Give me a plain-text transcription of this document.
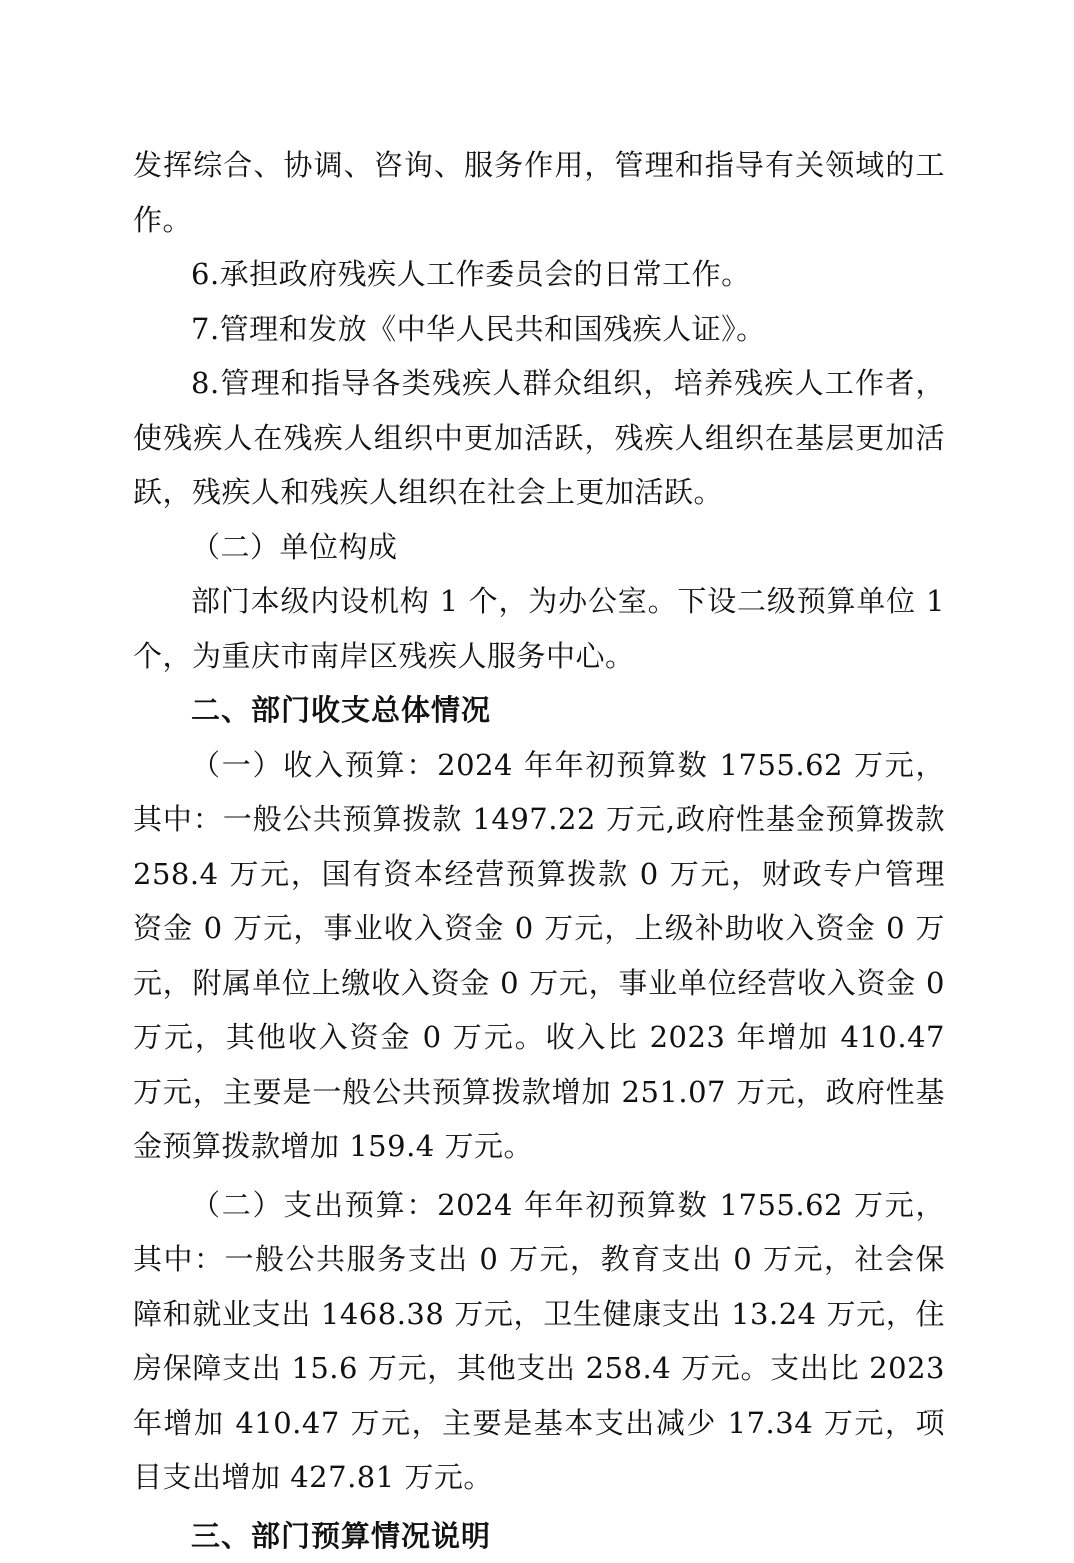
发挥综合、协调、咨询、服务作用，管理和指导有关领域的工作。

6.承担政府残疾人工作委员会的日常工作。

7.管理和发放《中华人民共和国残疾人证》。

8.管理和指导各类残疾人群众组织，培养残疾人工作者，使残疾人在残疾人组织中更加活跃，残疾人组织在基层更加活跃，残疾人和残疾人组织在社会上更加活跃。

（二）单位构成

部门本级内设机构 1 个，为办公室。下设二级预算单位 1 个，为重庆市南岸区残疾人服务中心。

二、部门收支总体情况

（一）收入预算：2024 年年初预算数 1755.62 万元，其中：一般公共预算拨款 1497.22 万元,政府性基金预算拨款 258.4 万元，国有资本经营预算拨款 0 万元，财政专户管理资金 0 万元，事业收入资金 0 万元，上级补助收入资金 0 万元，附属单位上缴收入资金 0 万元，事业单位经营收入资金 0 万元，其他收入资金 0 万元。收入比 2023 年增加 410.47 万元，主要是一般公共预算拨款增加 251.07 万元，政府性基金预算拨款增加 159.4 万元。

（二）支出预算：2024 年年初预算数 1755.62 万元，其中：一般公共服务支出 0 万元，教育支出 0 万元，社会保障和就业支出 1468.38 万元，卫生健康支出 13.24 万元，住房保障支出 15.6 万元，其他支出 258.4 万元。支出比 2023 年增加 410.47 万元，主要是基本支出减少 17.34 万元，项目支出增加 427.81 万元。

三、部门预算情况说明
